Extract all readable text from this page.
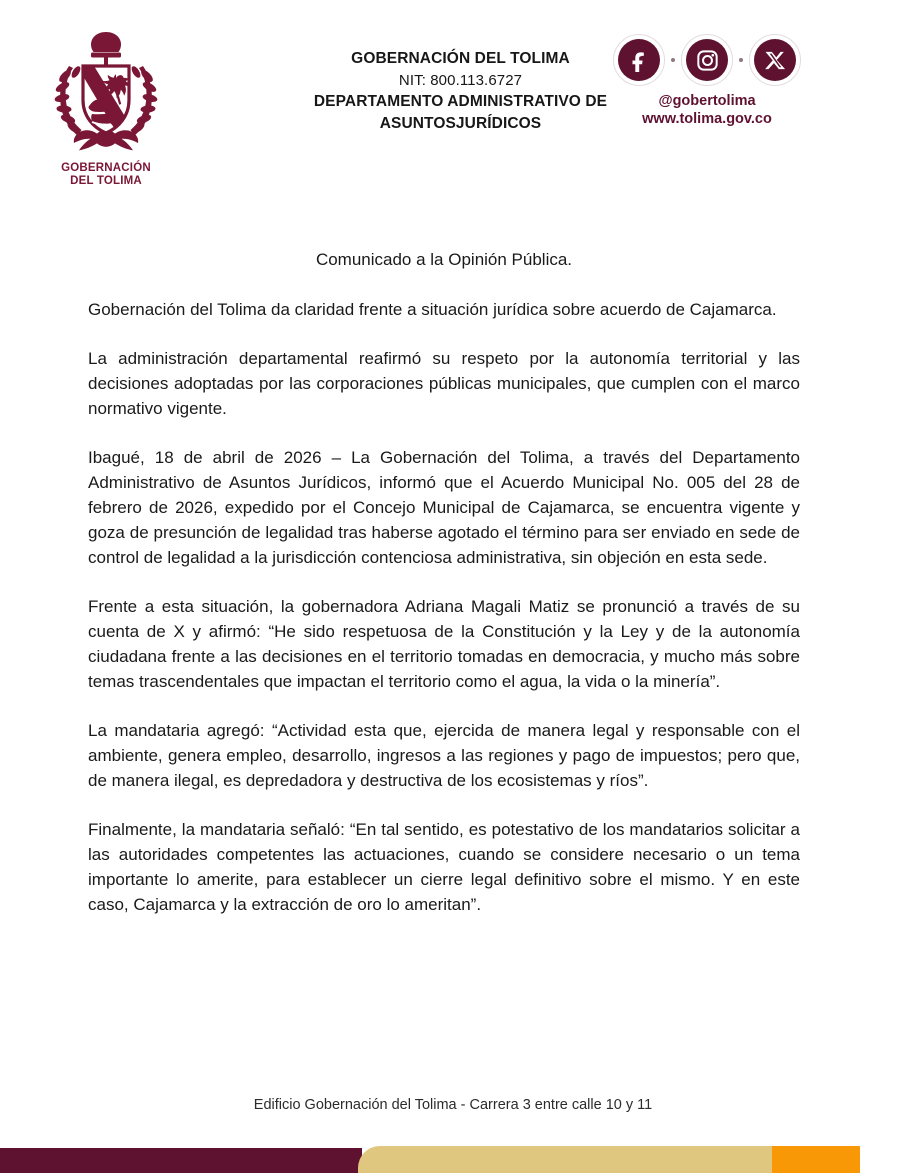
GOBERNACIÓN
DEL TOLIMA
GOBERNACIÓN DEL TOLIMA
NIT: 800.113.6727
DEPARTAMENTO ADMINISTRATIVO DE
ASUNTOSJURÍDICOS
@gobertolima
www.tolima.gov.co

Comunicado a la Opinión Pública.

Gobernación del Tolima da claridad frente a situación jurídica sobre acuerdo de Cajamarca.

La administración departamental reafirmó su respeto por la autonomía territorial y las decisiones adoptadas por las corporaciones públicas municipales, que cumplen con el marco normativo vigente.

Ibagué, 18 de abril de 2026 – La Gobernación del Tolima, a través del Departamento Administrativo de Asuntos Jurídicos, informó que el Acuerdo Municipal No. 005 del 28 de febrero de 2026, expedido por el Concejo Municipal de Cajamarca, se encuentra vigente y goza de presunción de legalidad tras haberse agotado el término para ser enviado en sede de control de legalidad a la jurisdicción contenciosa administrativa, sin objeción en esta sede.

Frente a esta situación, la gobernadora Adriana Magali Matiz se pronunció a través de su cuenta de X y afirmó: “He sido respetuosa de la Constitución y la Ley y de la autonomía ciudadana frente a las decisiones en el territorio tomadas en democracia, y mucho más sobre temas trascendentales que impactan el territorio como el agua, la vida o la minería”.

La mandataria agregó: “Actividad esta que, ejercida de manera legal y responsable con el ambiente, genera empleo, desarrollo, ingresos a las regiones y pago de impuestos; pero que, de manera ilegal, es depredadora y destructiva de los ecosistemas y ríos”.

Finalmente, la mandataria señaló: “En tal sentido, es potestativo de los mandatarios solicitar a las autoridades competentes las actuaciones, cuando se considere necesario o un tema importante lo amerite, para establecer un cierre legal definitivo sobre el mismo. Y en este caso, Cajamarca y la extracción de oro lo ameritan”.

Edificio Gobernación del Tolima - Carrera 3 entre calle 10 y 11
